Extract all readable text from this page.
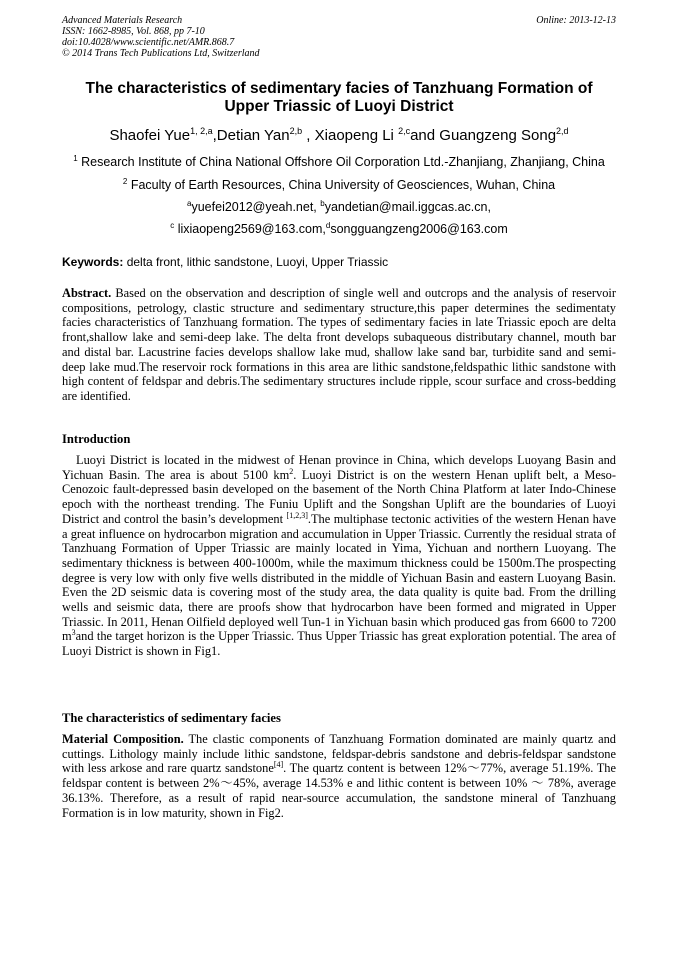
Advanced Materials Research
ISSN: 1662-8985, Vol. 868, pp 7-10
doi:10.4028/www.scientific.net/AMR.868.7
© 2014 Trans Tech Publications Ltd, Switzerland
Online: 2013-12-13
The characteristics of sedimentary facies of Tanzhuang Formation of
Upper Triassic of Luoyi District
Shaofei Yue$^{1, 2,a}$,Detian Yan$^{2,b}$ , Xiaopeng Li $^{2,c}$and Guangzeng Song$^{2,d}$
$^1$ Research Institute of China National Offshore Oil Corporation Ltd.-Zhanjiang, Zhanjiang, China
$^2$ Faculty of Earth Resources, China University of Geosciences, Wuhan, China
$^a$yuefei2012@yeah.net, $^b$yandetian@mail.iggcas.ac.cn,
$^c$ lixiaopeng2569@163.com,$^d$songguangzeng2006@163.com
Keywords: delta front, lithic sandstone, Luoyi, Upper Triassic

Abstract. Based on the observation and description of single well and outcrops and the analysis of reservoir compositions, petrology, clastic structure and sedimentary structure,this paper determines the sedimentaty facies characteristics of Tanzhuang formation. The types of sedimentary facies in late Triassic epoch are delta front,shallow lake and semi-deep lake. The delta front develops subaqueous distributary channel, mouth bar and distal bar. Lacustrine facies develops shallow lake mud, shallow lake sand bar, turbidite sand and semi-deep lake mud.The reservoir rock formations in this area are lithic sandstone,feldspathic lithic sandstone with high content of feldspar and debris.The sedimentary structures include ripple, scour surface and cross-bedding are identified.

Introduction

Luoyi District is located in the midwest of Henan province in China, which develops Luoyang Basin and Yichuan Basin. The area is about 5100 $km^2$. Luoyi District is on the western Henan uplift belt, a Meso-Cenozoic fault-depressed basin developed on the basement of the North China Platform at later Indo-Chinese epoch with the northeast trending. The Funiu Uplift and the Songshan Uplift are the boundaries of Luoyi District and control the basin’s development [1,2,3].The multiphase tectonic activities of the western Henan have a great influence on hydrocarbon migration and accumulation in Upper Triassic. Currently the residual strata of Tanzhuang Formation of Upper Triassic are mainly located in Yima, Yichuan and northern Luoyang. The sedimentary thickness is between 400-1000m, while the maximum thickness could be 1500m.The prospecting degree is very low with only five wells distributed in the middle of Yichuan Basin and eastern Luoyang Basin. Even the 2D seismic data is covering most of the study area, the data quality is quite bad. From the drilling wells and seismic data, there are proofs show that hydrocarbon have been formed and migrated in Upper Triassic. In 2011, Henan Oilfield deployed well Tun-1 in Yichuan basin which produced gas from 6600 to 7200 $m^3and$ the target horizon is the Upper Triassic. Thus Upper Triassic has great exploration potential. The area of Luoyi District is shown in Fig1.

The characteristics of sedimentary facies

Material Composition. The clastic components of Tanzhuang Formation dominated are mainly quartz and cuttings. Lithology mainly include lithic sandstone, feldspar-debris sandstone and debris-feldspar sandstone with less arkose and rare quartz sandstone[4]. The quartz content is between 12%～77%, average 51.19%. The feldspar content is between 2%～45%, average 14.53% e and lithic content is between 10% ～ 78%, average 36.13%. Therefore, as a result of rapid near-source accumulation, the sandstone mineral of Tanzhuang Formation is in low maturity, shown in Fig2.
